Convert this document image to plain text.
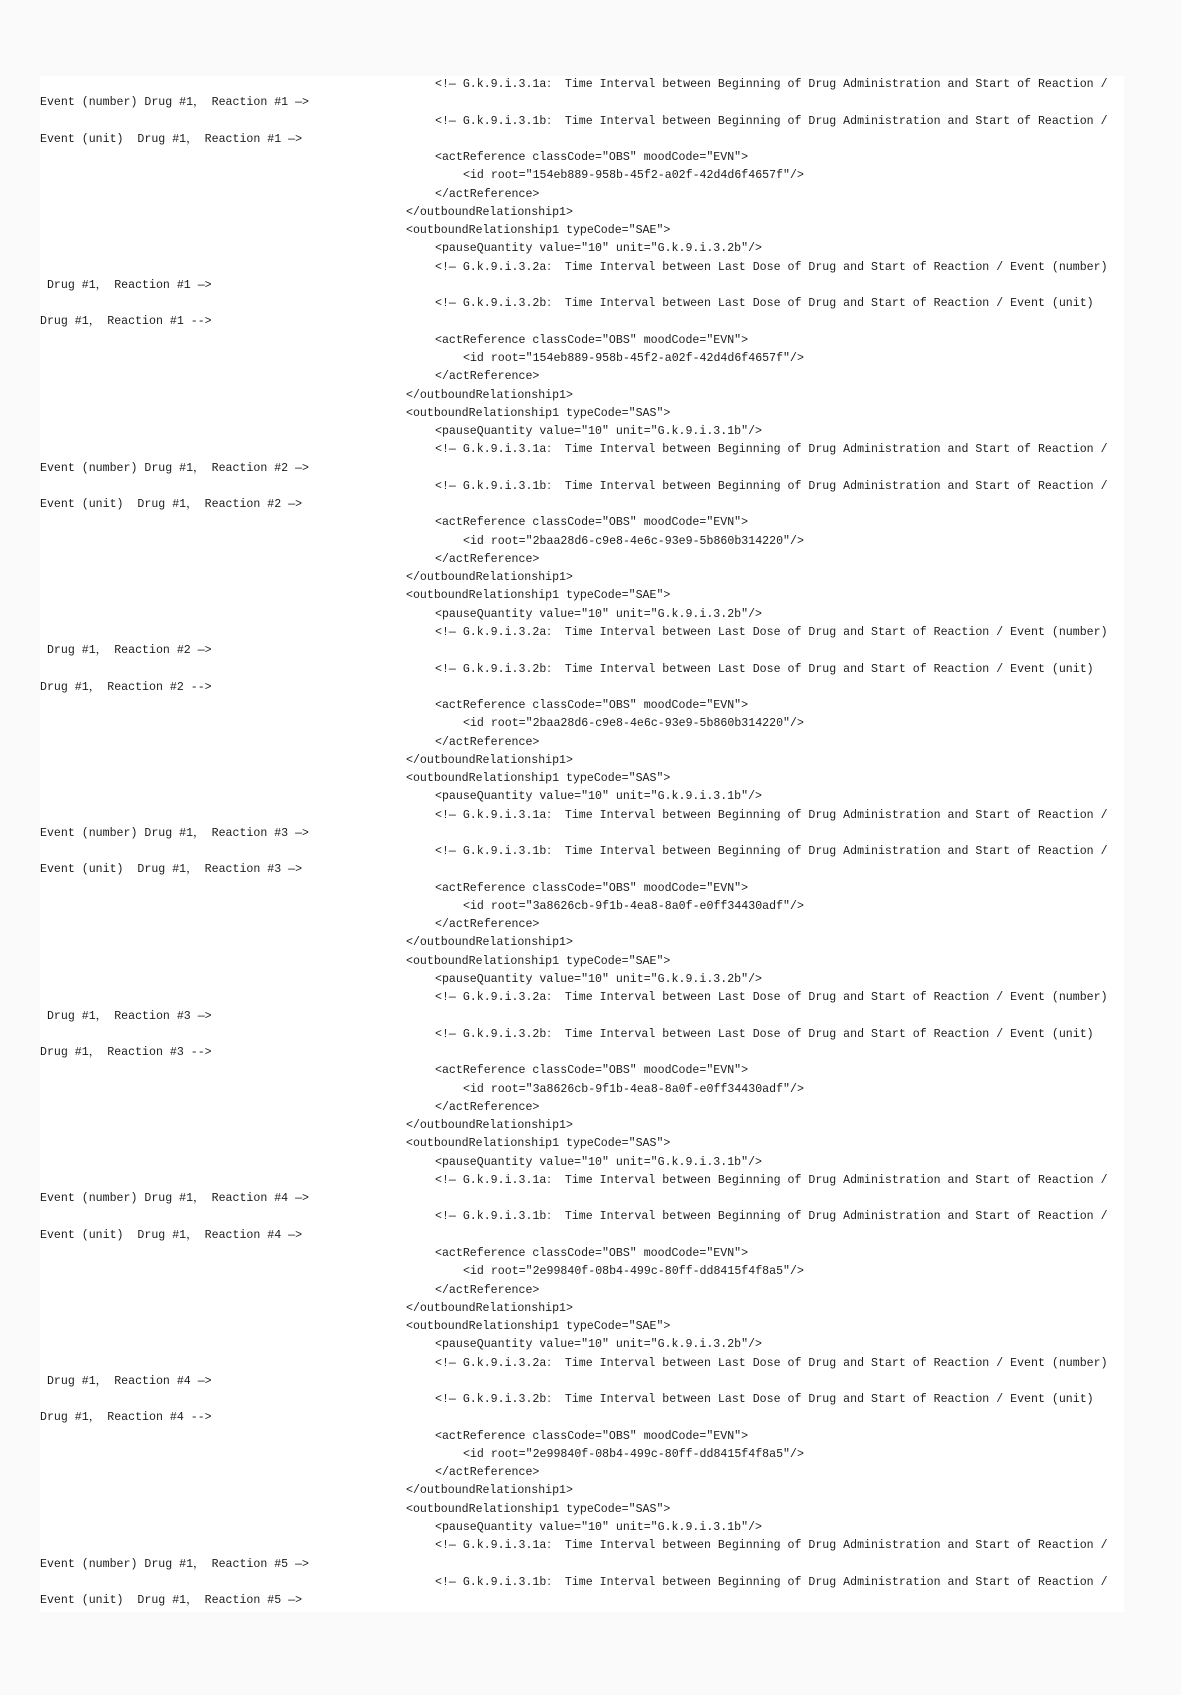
<!— G.k.9.i.3.1a： Time Interval between Beginning of Drug Administration and Start of Reaction /
Event (number) Drug #1， Reaction #1 —>
<!— G.k.9.i.3.1b： Time Interval between Beginning of Drug Administration and Start of Reaction /
Event (unit)  Drug #1， Reaction #1 —>
<actReference classCode="OBS" moodCode="EVN">
<id root="154eb889-958b-45f2-a02f-42d4d6f4657f"/>
</actReference>
</outboundRelationship1>
<outboundRelationship1 typeCode="SAE">
<pauseQuantity value="10" unit="G.k.9.i.3.2b"/>
<!— G.k.9.i.3.2a： Time Interval between Last Dose of Drug and Start of Reaction / Event (number)
Drug #1， Reaction #1 —>
<!— G.k.9.i.3.2b： Time Interval between Last Dose of Drug and Start of Reaction / Event (unit)
Drug #1， Reaction #1 -->
<actReference classCode="OBS" moodCode="EVN">
<id root="154eb889-958b-45f2-a02f-42d4d6f4657f"/>
</actReference>
</outboundRelationship1>
<outboundRelationship1 typeCode="SAS">
<pauseQuantity value="10" unit="G.k.9.i.3.1b"/>
<!— G.k.9.i.3.1a： Time Interval between Beginning of Drug Administration and Start of Reaction /
Event (number) Drug #1， Reaction #2 —>
<!— G.k.9.i.3.1b： Time Interval between Beginning of Drug Administration and Start of Reaction /
Event (unit)  Drug #1， Reaction #2 —>
<actReference classCode="OBS" moodCode="EVN">
<id root="2baa28d6-c9e8-4e6c-93e9-5b860b314220"/>
</actReference>
</outboundRelationship1>
<outboundRelationship1 typeCode="SAE">
<pauseQuantity value="10" unit="G.k.9.i.3.2b"/>
<!— G.k.9.i.3.2a： Time Interval between Last Dose of Drug and Start of Reaction / Event (number)
Drug #1， Reaction #2 —>
<!— G.k.9.i.3.2b： Time Interval between Last Dose of Drug and Start of Reaction / Event (unit)
Drug #1， Reaction #2 -->
<actReference classCode="OBS" moodCode="EVN">
<id root="2baa28d6-c9e8-4e6c-93e9-5b860b314220"/>
</actReference>
</outboundRelationship1>
<outboundRelationship1 typeCode="SAS">
<pauseQuantity value="10" unit="G.k.9.i.3.1b"/>
<!— G.k.9.i.3.1a： Time Interval between Beginning of Drug Administration and Start of Reaction /
Event (number) Drug #1， Reaction #3 —>
<!— G.k.9.i.3.1b： Time Interval between Beginning of Drug Administration and Start of Reaction /
Event (unit)  Drug #1， Reaction #3 —>
<actReference classCode="OBS" moodCode="EVN">
<id root="3a8626cb-9f1b-4ea8-8a0f-e0ff34430adf"/>
</actReference>
</outboundRelationship1>
<outboundRelationship1 typeCode="SAE">
<pauseQuantity value="10" unit="G.k.9.i.3.2b"/>
<!— G.k.9.i.3.2a： Time Interval between Last Dose of Drug and Start of Reaction / Event (number)
Drug #1， Reaction #3 —>
<!— G.k.9.i.3.2b： Time Interval between Last Dose of Drug and Start of Reaction / Event (unit)
Drug #1， Reaction #3 -->
<actReference classCode="OBS" moodCode="EVN">
<id root="3a8626cb-9f1b-4ea8-8a0f-e0ff34430adf"/>
</actReference>
</outboundRelationship1>
<outboundRelationship1 typeCode="SAS">
<pauseQuantity value="10" unit="G.k.9.i.3.1b"/>
<!— G.k.9.i.3.1a： Time Interval between Beginning of Drug Administration and Start of Reaction /
Event (number) Drug #1， Reaction #4 —>
<!— G.k.9.i.3.1b： Time Interval between Beginning of Drug Administration and Start of Reaction /
Event (unit)  Drug #1， Reaction #4 —>
<actReference classCode="OBS" moodCode="EVN">
<id root="2e99840f-08b4-499c-80ff-dd8415f4f8a5"/>
</actReference>
</outboundRelationship1>
<outboundRelationship1 typeCode="SAE">
<pauseQuantity value="10" unit="G.k.9.i.3.2b"/>
<!— G.k.9.i.3.2a： Time Interval between Last Dose of Drug and Start of Reaction / Event (number)
Drug #1， Reaction #4 —>
<!— G.k.9.i.3.2b： Time Interval between Last Dose of Drug and Start of Reaction / Event (unit)
Drug #1， Reaction #4 -->
<actReference classCode="OBS" moodCode="EVN">
<id root="2e99840f-08b4-499c-80ff-dd8415f4f8a5"/>
</actReference>
</outboundRelationship1>
<outboundRelationship1 typeCode="SAS">
<pauseQuantity value="10" unit="G.k.9.i.3.1b"/>
<!— G.k.9.i.3.1a： Time Interval between Beginning of Drug Administration and Start of Reaction /
Event (number) Drug #1， Reaction #5 —>
<!— G.k.9.i.3.1b： Time Interval between Beginning of Drug Administration and Start of Reaction /
Event (unit)  Drug #1， Reaction #5 —>
